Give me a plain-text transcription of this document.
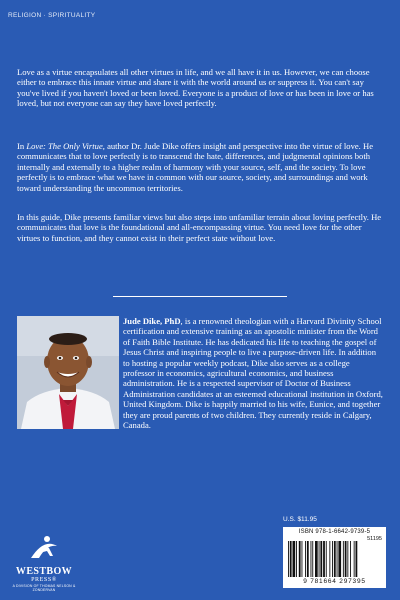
RELIGION · SPIRITUALITY

Love as a virtue encapsulates all other virtues in life, and we all have it in us. However, we can choose either to embrace this innate virtue and share it with the world around us or suppress it. You can't say you've lived if you haven't loved or been loved. Everyone is a product of love or has been in love or has loved, but not everyone can say they have loved perfectly.

In Love: The Only Virtue, author Dr. Jude Dike offers insight and perspective into the virtue of love. He communicates that to love perfectly is to transcend the hate, differences, and judgmental opinions both internally and externally to a higher realm of harmony with your source, self, and the society. To love perfectly is to embrace what we have in common with our source, society, and surroundings and work toward understanding the uncommon territories.

In this guide, Dike presents familiar views but also steps into unfamiliar terrain about loving perfectly. He communicates that love is the foundational and all-encompassing virtue. You need love for the other virtues to function, and they cannot exist in their perfect state without love.

Jude Dike, PhD, is a renowned theologian with a Harvard Divinity School certification and extensive training as an apostolic minister from the Word of Faith Bible Institute. He has dedicated his life to teaching the gospel of Jesus Christ and inspiring people to live a purpose-driven life. In addition to hosting a popular weekly podcast, Dike also serves as a college professor in economics, agricultural economics, and business administration. He is a respected supervisor of Doctor of Business Administration candidates at an esteemed educational institution in Oxford, United Kingdom. Dike is happily married to his wife, Eunice, and together they are proud parents of two children. They currently reside in Calgary, Canada.

U.S. $11.95
ISBN 978-1-6642-9739-5
51195
9 781664 297395
WESTBOW
PRESS®
A DIVISION OF THOMAS NELSON & ZONDERVAN
